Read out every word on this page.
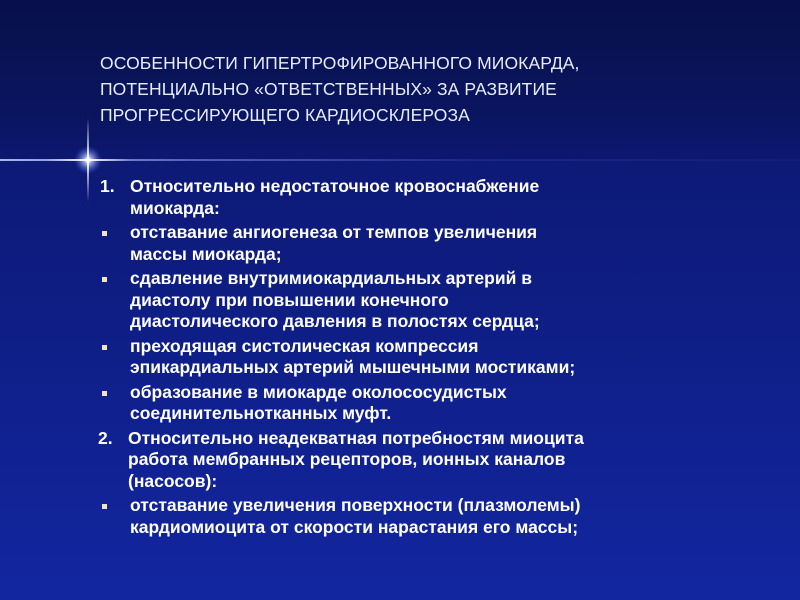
ОСОБЕННОСТИ ГИПЕРТРОФИРОВАННОГО МИОКАРДА,
ПОТЕНЦИАЛЬНО «ОТВЕТСТВЕННЫХ» ЗА РАЗВИТИЕ
ПРОГРЕССИРУЮЩЕГО КАРДИОСКЛЕРОЗА
1. Относительно недостаточное кровоснабжение
миокарда:
отставание ангиогенеза от темпов увеличения
массы миокарда;
сдавление внутримиокардиальных артерий в
диастолу при повышении конечного
диастолического давления в полостях сердца;
преходящая систолическая компрессия
эпикардиальных артерий мышечными мостиками;
образование в миокарде околососудистых
соединительнотканных муфт.
2. Относительно неадекватная потребностям миоцита
работа мембранных рецепторов, ионных каналов
(насосов):
отставание увеличения поверхности (плазмолемы)
кардиомиоцита от скорости нарастания его массы;
